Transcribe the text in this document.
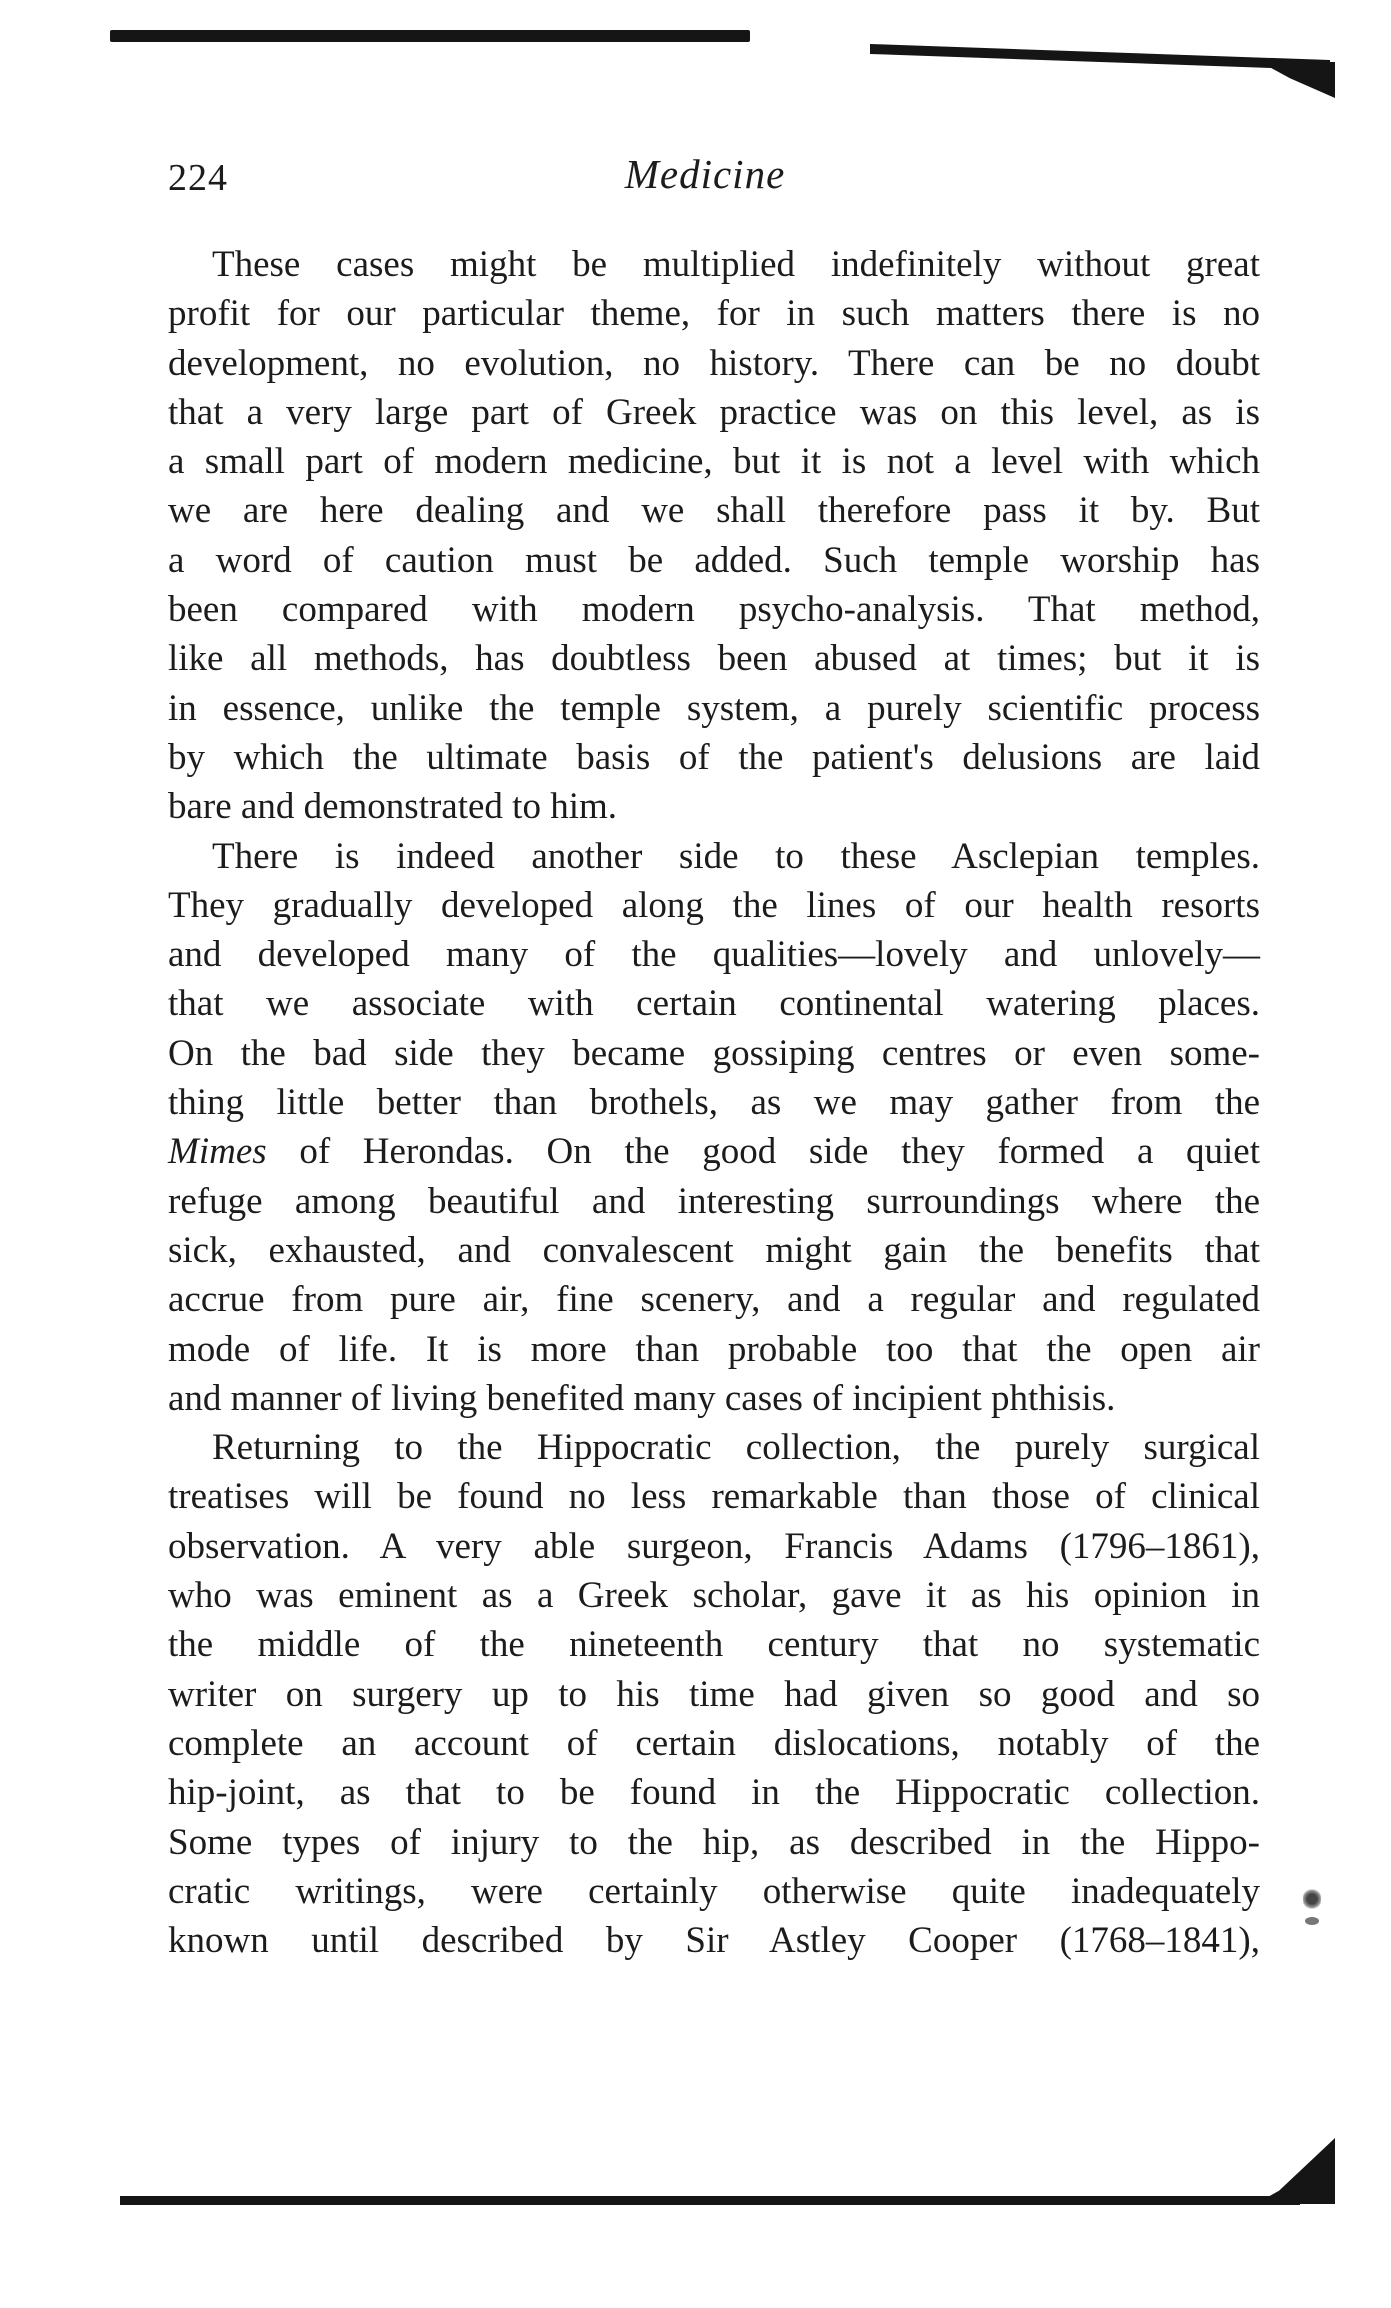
224	Medicine
These cases might be multiplied indefinitely without great
profit for our particular theme, for in such matters there is no
development, no evolution, no history. There can be no doubt
that a very large part of Greek practice was on this level, as is
a small part of modern medicine, but it is not a level with which
we are here dealing and we shall therefore pass it by. But
a word of caution must be added. Such temple worship has
been compared with modern psycho-analysis. That method,
like all methods, has doubtless been abused at times; but it is
in essence, unlike the temple system, a purely scientific process
by which the ultimate basis of the patient's delusions are laid
bare and demonstrated to him.
There is indeed another side to these Asclepian temples.
They gradually developed along the lines of our health resorts
and developed many of the qualities—lovely and unlovely—
that we associate with certain continental watering places.
On the bad side they became gossiping centres or even some-
thing little better than brothels, as we may gather from the
Mimes of Herondas. On the good side they formed a quiet
refuge among beautiful and interesting surroundings where the
sick, exhausted, and convalescent might gain the benefits that
accrue from pure air, fine scenery, and a regular and regulated
mode of life. It is more than probable too that the open air
and manner of living benefited many cases of incipient phthisis.
Returning to the Hippocratic collection, the purely surgical
treatises will be found no less remarkable than those of clinical
observation. A very able surgeon, Francis Adams (1796–1861),
who was eminent as a Greek scholar, gave it as his opinion in
the middle of the nineteenth century that no systematic
writer on surgery up to his time had given so good and so
complete an account of certain dislocations, notably of the
hip-joint, as that to be found in the Hippocratic collection.
Some types of injury to the hip, as described in the Hippo-
cratic writings, were certainly otherwise quite inadequately
known until described by Sir Astley Cooper (1768–1841),
